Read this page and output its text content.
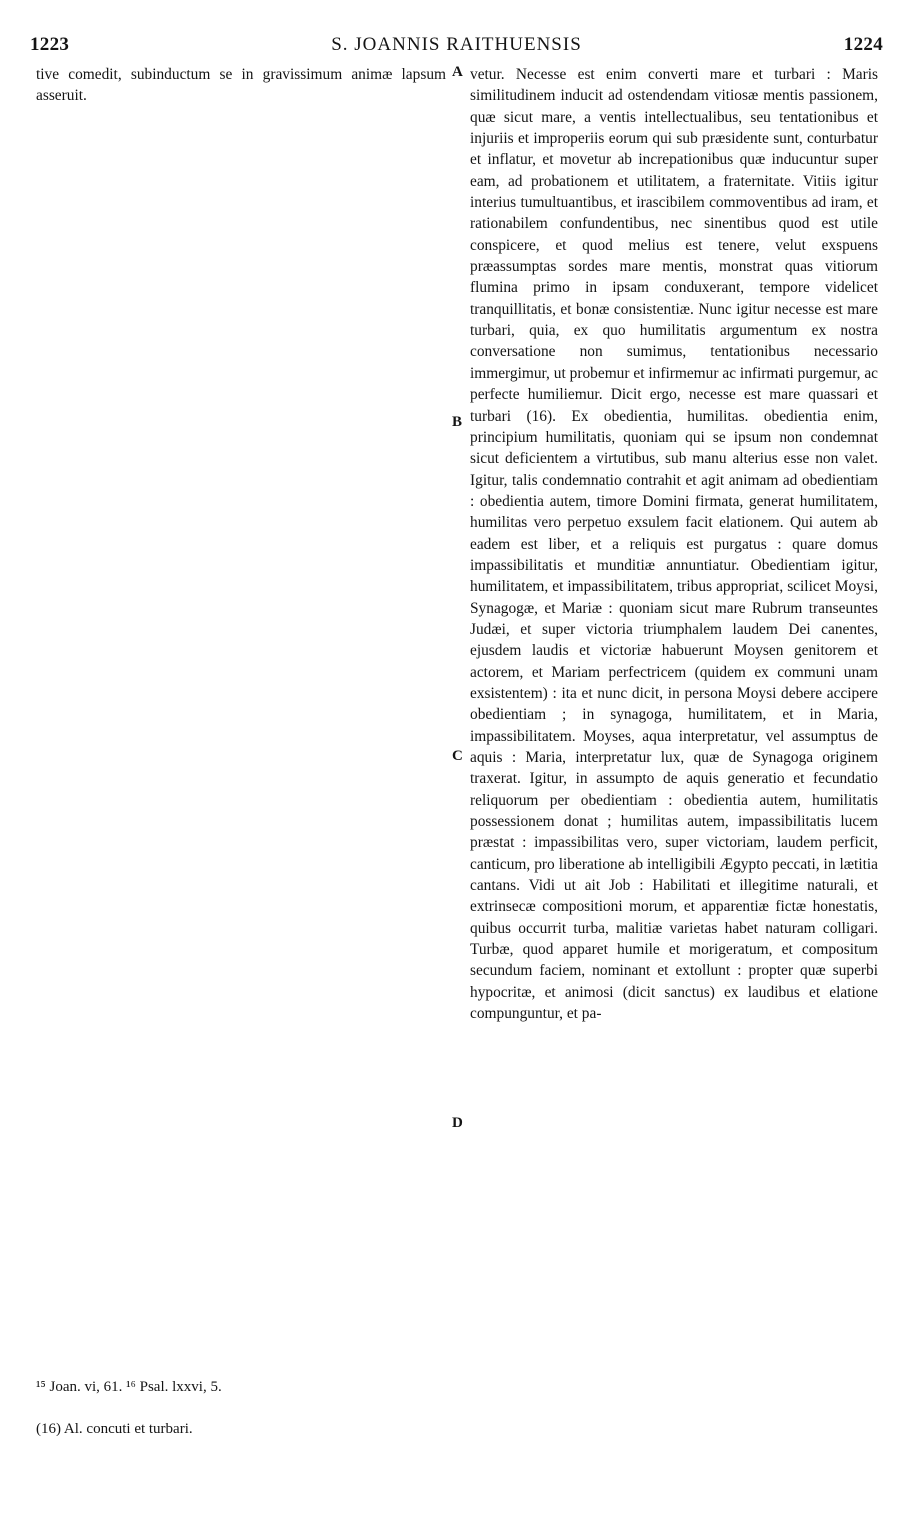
1223	S. JOANNIS RAITHUENSIS	1224

tive comedit, subinductum se in gravissimum animæ lapsum asseruit.

vetur. Necesse est enim converti mare et turbari : Maris similitudinem inducit ad ostendendam vitiosæ mentis passionem, quæ sicut mare, a ventis intellectualibus, seu tentationibus et injuriis et improperiis eorum qui sub præsidente sunt, conturbatur et inflatur, et movetur ab increpationibus quæ inducuntur super eam, ad probationem et utilitatem, a fraternitate. Vitiis igitur interius tumultuantibus, et irascibilem commoventibus ad iram, et rationabilem confundentibus, nec sinentibus quod est utile conspicere, et quod melius est tenere, velut exspuens præassumptas sordes mare mentis, monstrat quas vitiorum flumina primo in ipsam conduxerant, tempore videlicet tranquillitatis, et bonæ consistentiæ. Nunc igitur necesse est mare turbari, quia, ex quo humilitatis argumentum ex nostra conversatione non sumimus, tentationibus necessario immergimur, ut probemur et infirmemur ac infirmati purgemur, ac perfecte humiliemur. Dicit ergo, necesse est mare quassari et turbari (16). Ex obedientia, humilitas. obedientia enim, principium humilitatis, quoniam qui se ipsum non condemnat sicut deficientem a virtutibus, sub manu alterius esse non valet. Igitur, talis condemnatio contrahit et agit animam ad obedientiam : obedientia autem, timore Domini firmata, generat humilitatem, humilitas vero perpetuo exsulem facit elationem. Qui autem ab eadem est liber, et a reliquis est purgatus : quare domus impassibilitatis et munditiæ annuntiatur. Obedientiam igitur, humilitatem, et impassibilitatem, tribus appropriat, scilicet Moysi, Synagogæ, et Mariæ : quoniam sicut mare Rubrum transeuntes Judæi, et super victoria triumphalem laudem Dei canentes, ejusdem laudis et victoriæ habuerunt Moysen genitorem et actorem, et Mariam perfectricem (quidem ex communi unam exsistentem) : ita et nunc dicit, in persona Moysi debere accipere obedientiam ; in synagoga, humilitatem, et in Maria, impassibilitatem. Moyses, aqua interpretatur, vel assumptus de aquis : Maria, interpretatur lux, quæ de Synagoga originem traxerat. Igitur, in assumpto de aquis generatio et fecundatio reliquorum per obedientiam : obedientia autem, humilitatis possessionem donat ; humilitas autem, impassibilitatis lucem præstat : impassibilitas vero, super victoriam, laudem perficit, canticum, pro liberatione ab intelligibili Ægypto peccati, in lætitia cantans. Vidi ut ait Job : Habilitati et illegitime naturali, et extrinsecæ compositioni morum, et apparentiæ fictæ honestatis, quibus occurrit turba, malitiæ varietas habet naturam colligari. Turbæ, quod apparet humile et morigeratum, et compositum secundum faciem, nominant et extollunt : propter quæ superbi hypocritæ, et animosi (dicit sanctus) ex laudibus et elatione compunguntur, et pa-

A
B
C
D
¹⁵ Joan. vi, 61. ¹⁶ Psal. lxxvi, 5.
(16) Al. concuti et turbari.
